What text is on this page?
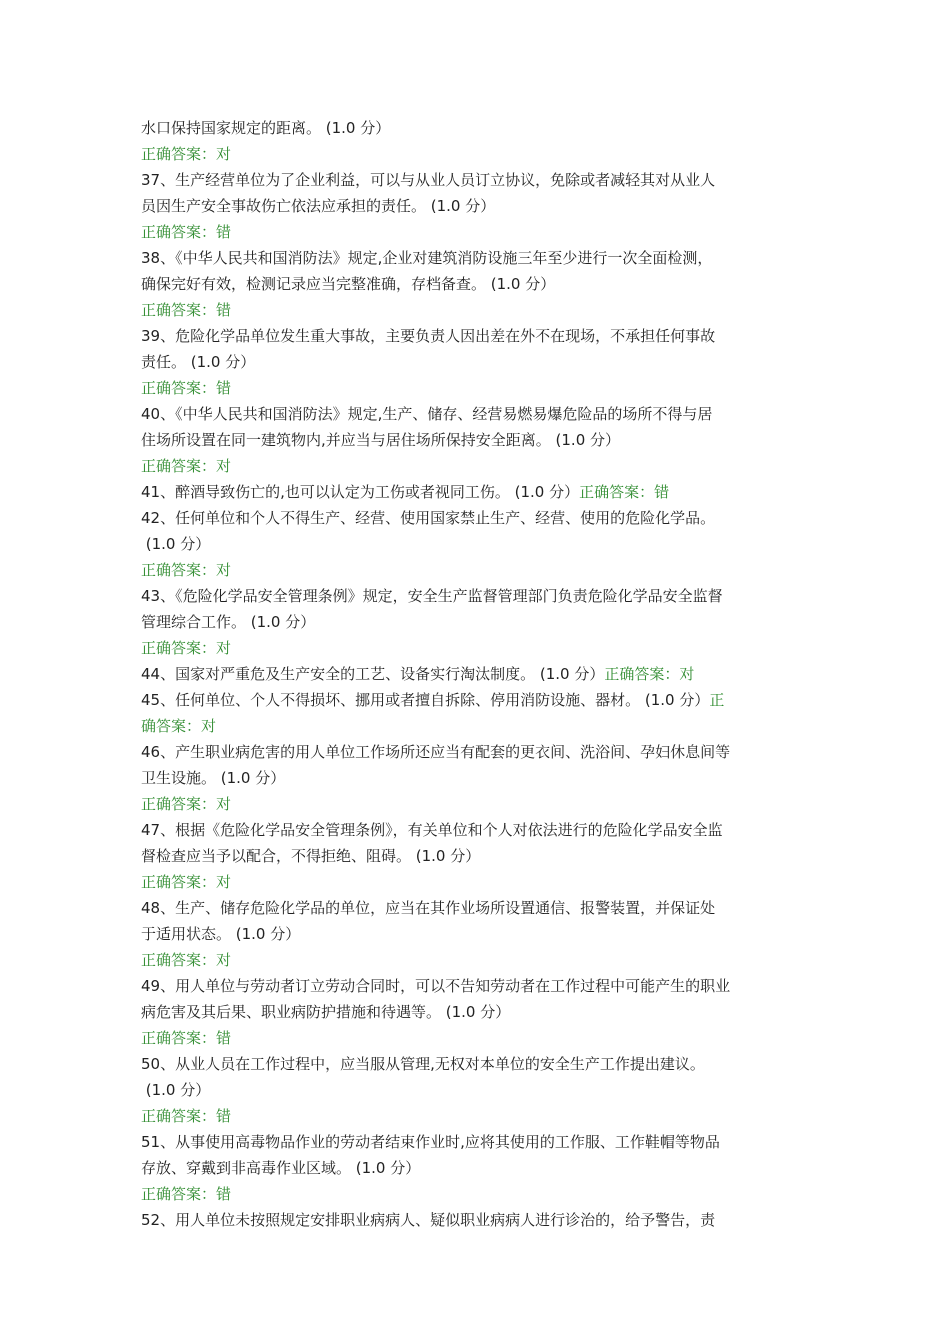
水口保持国家规定的距离。 (1.0 分）
正确答案：对
37、生产经营单位为了企业利益，可以与从业人员订立协议，免除或者减轻其对从业人
员因生产安全事故伤亡依法应承担的责任。 (1.0 分）
正确答案：错
38、《中华人民共和国消防法》规定,企业对建筑消防设施三年至少进行一次全面检测，
确保完好有效，检测记录应当完整准确，存档备查。 (1.0 分）
正确答案：错
39、危险化学品单位发生重大事故，主要负责人因出差在外不在现场，不承担任何事故
责任。 (1.0 分）
正确答案：错
40、《中华人民共和国消防法》规定,生产、储存、经营易燃易爆危险品的场所不得与居
住场所设置在同一建筑物内,并应当与居住场所保持安全距离。 (1.0 分）
正确答案：对
41、醉酒导致伤亡的,也可以认定为工伤或者视同工伤。 (1.0 分）正确答案：错
42、任何单位和个人不得生产、经营、使用国家禁止生产、经营、使用的危险化学品。
(1.0 分）
正确答案：对
43、《危险化学品安全管理条例》规定，安全生产监督管理部门负责危险化学品安全监督
管理综合工作。 (1.0 分）
正确答案：对
44、国家对严重危及生产安全的工艺、设备实行淘汰制度。 (1.0 分）正确答案：对
45、任何单位、个人不得损坏、挪用或者擅自拆除、停用消防设施、器材。 (1.0 分）正
确答案：对
46、产生职业病危害的用人单位工作场所还应当有配套的更衣间、洗浴间、孕妇休息间等
卫生设施。 (1.0 分）
正确答案：对
47、根据《危险化学品安全管理条例》，有关单位和个人对依法进行的危险化学品安全监
督检查应当予以配合，不得拒绝、阻碍。 (1.0 分）
正确答案：对
48、生产、储存危险化学品的单位，应当在其作业场所设置通信、报警装置，并保证处
于适用状态。 (1.0 分）
正确答案：对
49、用人单位与劳动者订立劳动合同时，可以不告知劳动者在工作过程中可能产生的职业
病危害及其后果、职业病防护措施和待遇等。 (1.0 分）
正确答案：错
50、从业人员在工作过程中，应当服从管理,无权对本单位的安全生产工作提出建议。
(1.0 分）
正确答案：错
51、从事使用高毒物品作业的劳动者结束作业时,应将其使用的工作服、工作鞋帽等物品
存放、穿戴到非高毒作业区域。 (1.0 分）
正确答案：错
52、用人单位未按照规定安排职业病病人、疑似职业病病人进行诊治的，给予警告，责
